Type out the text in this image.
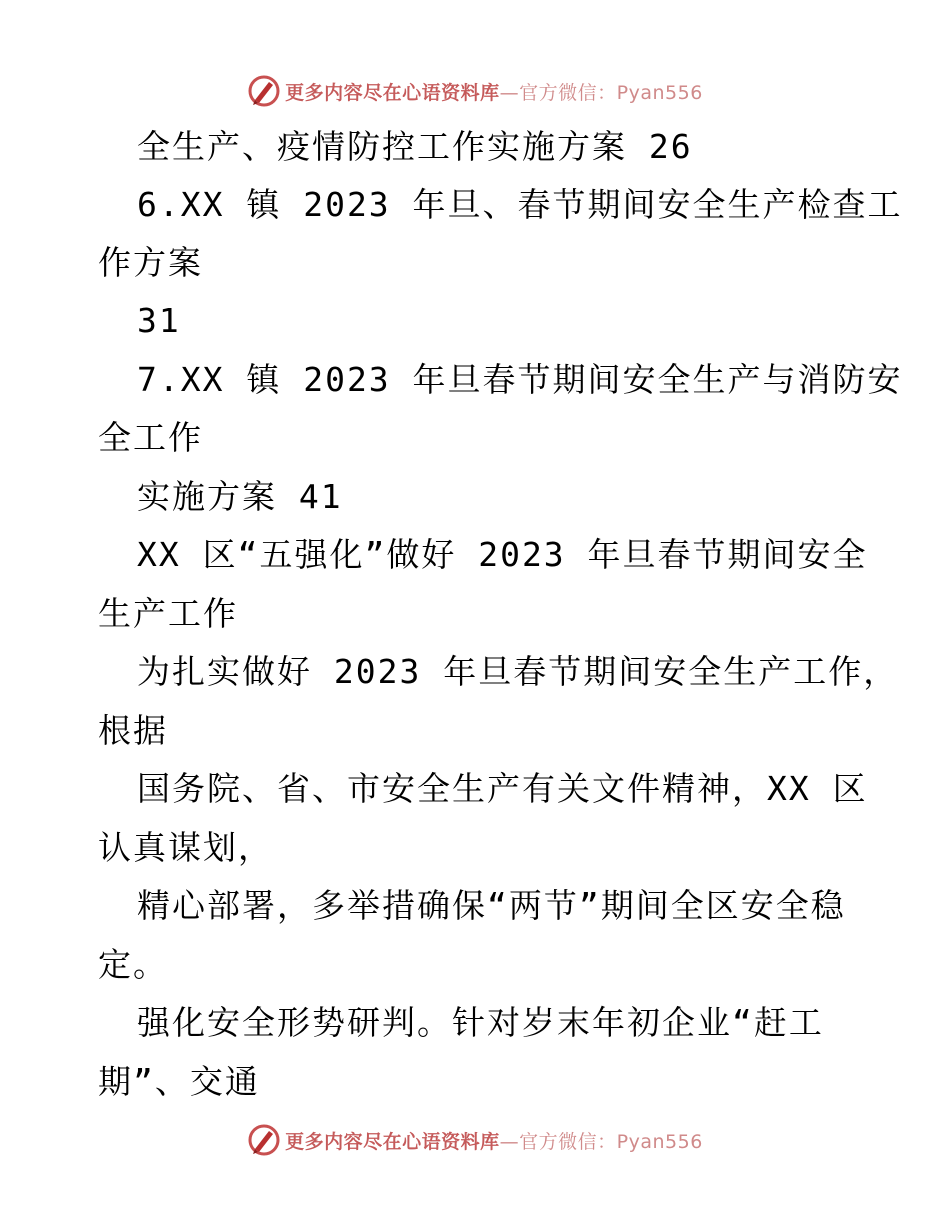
更多内容尽在心语资料库—官方微信：Pyan556
全生产、疫情防控工作实施方案 26
6.XX 镇 2023 年旦、春节期间安全生产检查工
作方案
31
7.XX 镇 2023 年旦春节期间安全生产与消防安
全工作
实施方案 41
XX 区“五强化”做好 2023 年旦春节期间安全
生产工作
为扎实做好 2023 年旦春节期间安全生产工作，
根据
国务院、省、市安全生产有关文件精神，XX 区
认真谋划，
精心部署，多举措确保“两节”期间全区安全稳
定。
强化安全形势研判。针对岁末年初企业“赶工
期”、交通
更多内容尽在心语资料库—官方微信：Pyan556
